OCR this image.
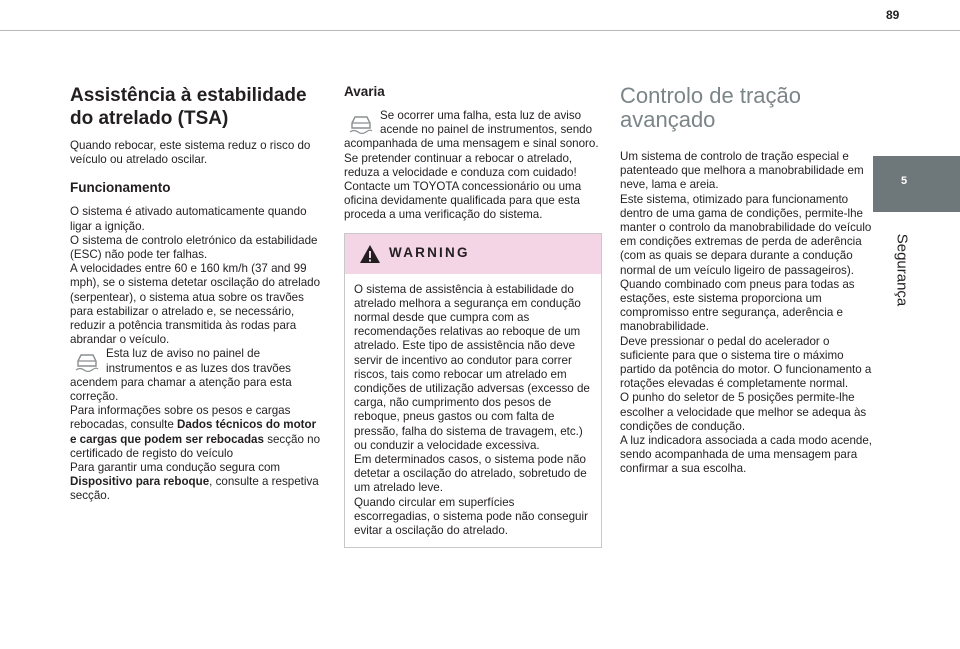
89
5
Segurança
Assistência à estabilidade do atrelado (TSA)

Quando rebocar, este sistema reduz o risco do veículo ou atrelado oscilar.

Funcionamento

O sistema é ativado automaticamente quando ligar a ignição.

O sistema de controlo eletrónico da estabilidade (ESC) não pode ter falhas.

A velocidades entre 60 e 160 km/h (37 and 99 mph), se o sistema detetar oscilação do atrelado (serpentear), o sistema atua sobre os travões para estabilizar o atrelado e, se necessário, reduzir a potência transmitida às rodas para abrandar o veículo.

Esta luz de aviso no painel de instrumentos e as luzes dos travões acendem para chamar a atenção para esta correção.

Para informações sobre os pesos e cargas rebocadas, consulte Dados técnicos do motor e cargas que podem ser rebocadas secção no certificado de registo do veículo

Para garantir uma condução segura com Dispositivo para reboque, consulte a respetiva secção.

Avaria

Se ocorrer uma falha, esta luz de aviso acende no painel de instrumentos, sendo acompanhada de uma mensagem e sinal sonoro.

Se pretender continuar a rebocar o atrelado, reduza a velocidade e conduza com cuidado!

Contacte um TOYOTA concessionário ou uma oficina devidamente qualificada para que esta proceda a uma verificação do sistema.

WARNING

O sistema de assistência à estabilidade do atrelado melhora a segurança em condução normal desde que cumpra com as recomendações relativas ao reboque de um atrelado. Este tipo de assistência não deve servir de incentivo ao condutor para correr riscos, tais como rebocar um atrelado em condições de utilização adversas (excesso de carga, não cumprimento dos pesos de reboque, pneus gastos ou com falta de pressão, falha do sistema de travagem, etc.) ou conduzir a velocidade excessiva.

Em determinados casos, o sistema pode não detetar a oscilação do atrelado, sobretudo de um atrelado leve.

Quando circular em superfícies escorregadias, o sistema pode não conseguir evitar a oscilação do atrelado.

Controlo de tração avançado

Um sistema de controlo de tração especial e patenteado que melhora a manobrabilidade em neve, lama e areia.

Este sistema, otimizado para funcionamento dentro de uma gama de condições, permite-lhe manter o controlo da manobrabilidade do veículo em condições extremas de perda de aderência (com as quais se depara durante a condução normal de um veículo ligeiro de passageiros).

Quando combinado com pneus para todas as estações, este sistema proporciona um compromisso entre segurança, aderência e manobrabilidade.

Deve pressionar o pedal do acelerador o suficiente para que o sistema tire o máximo partido da potência do motor. O funcionamento a rotações elevadas é completamente normal.

O punho do seletor de 5 posições permite-lhe escolher a velocidade que melhor se adequa às condições de condução.

A luz indicadora associada a cada modo acende, sendo acompanhada de uma mensagem para confirmar a sua escolha.
